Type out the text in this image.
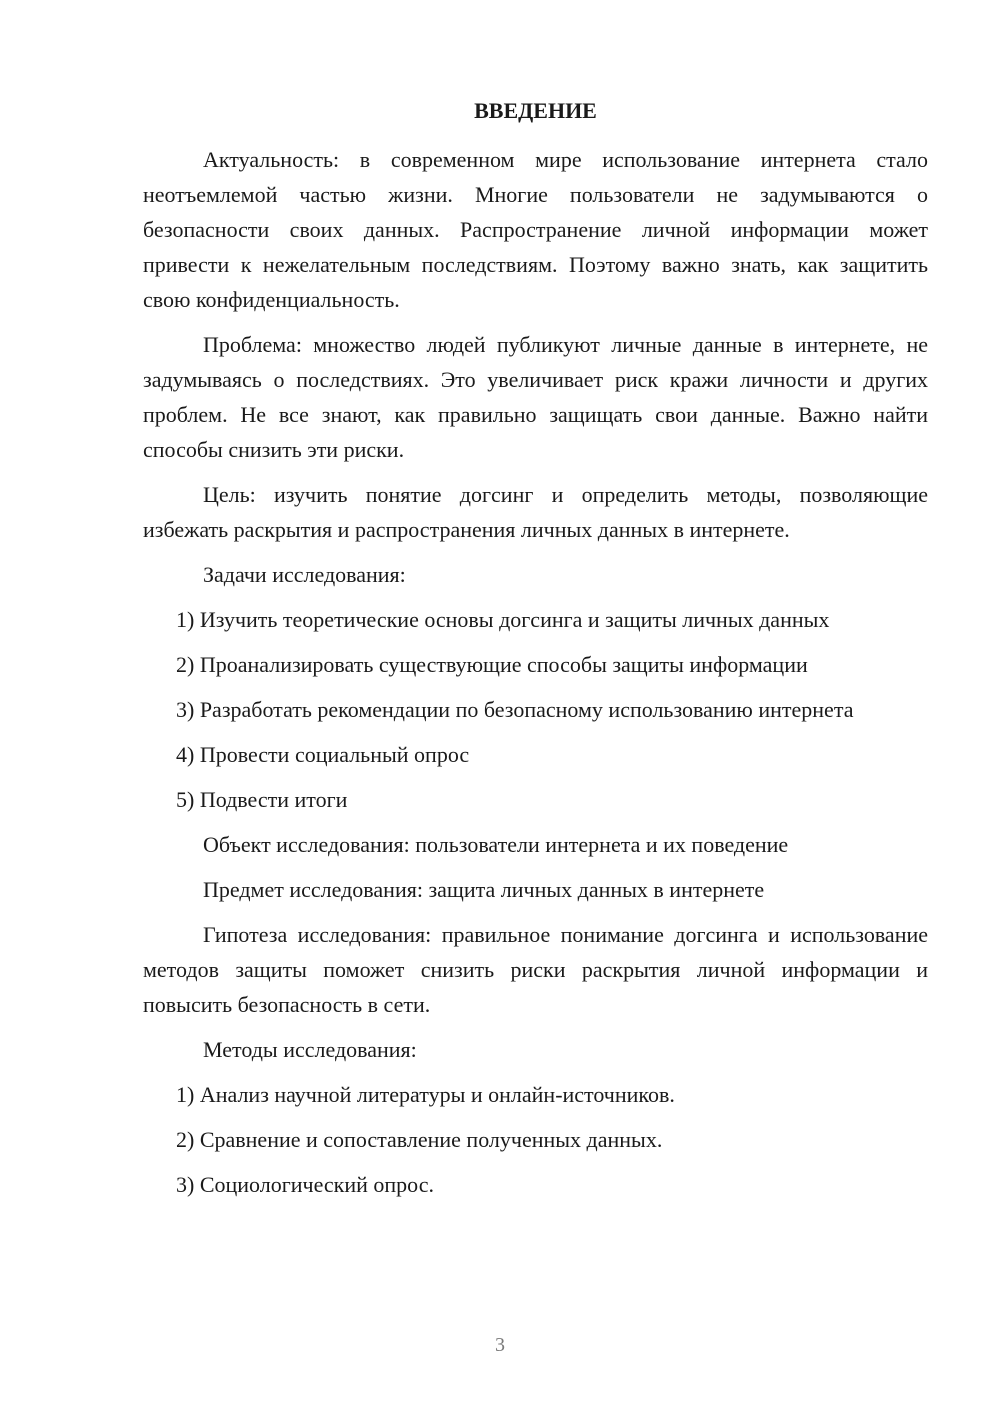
ВВЕДЕНИЕ

Актуальность: в современном мире использование интернета стало неотъемлемой частью жизни. Многие пользователи не задумываются о безопасности своих данных. Распространение личной информации может привести к нежелательным последствиям. Поэтому важно знать, как защитить свою конфиденциальность.

Проблема: множество людей публикуют личные данные в интернете, не задумываясь о последствиях. Это увеличивает риск кражи личности и других проблем. Не все знают, как правильно защищать свои данные. Важно найти способы снизить эти риски.

Цель: изучить понятие догсинг и определить методы, позволяющие избежать раскрытия и распространения личных данных в интернете.

Задачи исследования:

1) Изучить теоретические основы догсинга и защиты личных данных

2) Проанализировать существующие способы защиты информации

3) Разработать рекомендации по безопасному использованию интернета

4) Провести социальный опрос

5) Подвести итоги

Объект исследования: пользователи интернета и их поведение

Предмет исследования: защита личных данных в интернете

Гипотеза исследования: правильное понимание догсинга и использование методов защиты поможет снизить риски раскрытия личной информации и повысить безопасность в сети.

Методы исследования:

1) Анализ научной литературы и онлайн-источников.

2) Сравнение и сопоставление полученных данных.

3) Социологический опрос.

3
